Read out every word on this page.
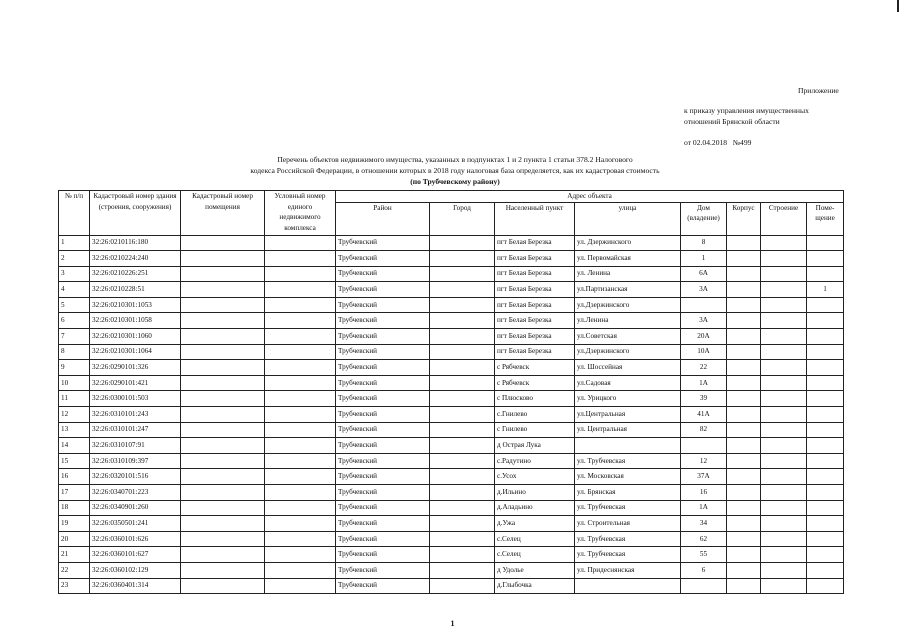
Приложение
к приказу управления имущественных
отношений Брянской области
от 02.04.2018 №499
Перечень объектов недвижимого имущества, указанных в подпунктах 1 и 2 пункта 1 статьи 378.2 Налогового
кодекса Российской Федерации, в отношении которых в 2018 году налоговая база определяется, как их кадастровая стоимость
(по Трубчевскому району)
№ п/п	Кадастровый номер здания (строения, сооружения)	Кадастровый номер помещения	Условный номер единого недвижимого комплекса	Адрес объекта							
				Район	Город	Населенный пункт	улица	Дом (владение)	Корпус	Строение	Поме-щение
1	32:26:0210116:180			Трубчевский		пгт Белая Березка	ул. Дзержинского	8			
2	32:26:0210224:240			Трубчевский		пгт Белая Березка	ул. Первомайская	1			
3	32:26:0210226:251			Трубчевский		пгт Белая Березка	ул. Ленина	6А			
4	32:26:0210228:51			Трубчевский		пгт Белая Березка	ул.Партизанская	3А			1
5	32:26:0210301:1053			Трубчевский		пгт Белая Березка	ул.Дзержинского				
6	32:26:0210301:1058			Трубчевский		пгт Белая Березка	ул.Ленина	3А			
7	32:26:0210301:1060			Трубчевский		пгт Белая Березка	ул.Советская	20А			
8	32:26:0210301:1064			Трубчевский		пгт Белая Березка	ул.Дзержинского	10А			
9	32:26:0290101:326			Трубчевский		с Рябчевск	ул. Шоссейная	22			
10	32:26:0290101:421			Трубчевский		с Рябчевск	ул.Садовая	1А			
11	32:26:0300101:503			Трубчевский		с Плюсково	ул. Урицкого	39			
12	32:26:0310101:243			Трубчевский		с.Гнилево	ул.Центральная	41А			
13	32:26:0310101:247			Трубчевский		с Гнилево	ул. Центральная	82			
14	32:26:0310107:91			Трубчевский		д Острая Лука					
15	32:26:0310109:397			Трубчевский		с.Радутино	ул. Трубчевская	12			
16	32:26:0320101:516			Трубчевский		с.Усох	ул. Московская	37А			
17	32:26:0340701:223			Трубчевский		д.Ильино	ул. Брянская	16			
18	32:26:0340901:260			Трубчевский		д.Аладьино	ул. Трубчевская	1А			
19	32:26:0350501:241			Трубчевский		д.Ужа	ул. Строительная	34			
20	32:26:0360101:626			Трубчевский		с.Селец	ул. Трубчевская	62			
21	32:26:0360101:627			Трубчевский		с.Селец	ул. Трубчевская	55			
22	32:26:0360102:129			Трубчевский		д Удолье	ул. Придеснянская	6			
23	32:26:0360401:314			Трубчевский		д.Глыбочка					
1
